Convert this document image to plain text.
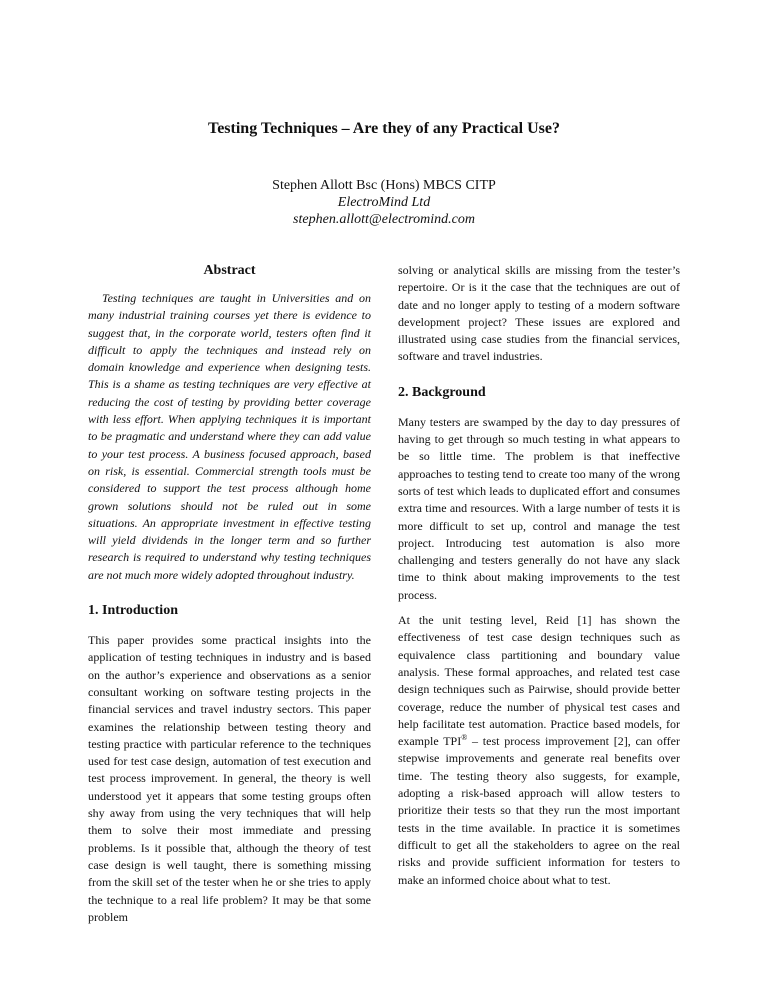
Testing Techniques – Are they of any Practical Use?
Stephen Allott Bsc (Hons) MBCS CITP
ElectroMind Ltd
stephen.allott@electromind.com
Abstract

Testing techniques are taught in Universities and on many industrial training courses yet there is evidence to suggest that, in the corporate world, testers often find it difficult to apply the techniques and instead rely on domain knowledge and experience when designing tests. This is a shame as testing techniques are very effective at reducing the cost of testing by providing better coverage with less effort. When applying techniques it is important to be pragmatic and understand where they can add value to your test process. A business focused approach, based on risk, is essential. Commercial strength tools must be considered to support the test process although home grown solutions should not be ruled out in some situations. An appropriate investment in effective testing will yield dividends in the longer term and so further research is required to understand why testing techniques are not much more widely adopted throughout industry.

1. Introduction

This paper provides some practical insights into the application of testing techniques in industry and is based on the author’s experience and observations as a senior consultant working on software testing projects in the financial services and travel industry sectors. This paper examines the relationship between testing theory and testing practice with particular reference to the techniques used for test case design, automation of test execution and test process improvement. In general, the theory is well understood yet it appears that some testing groups often shy away from using the very techniques that will help them to solve their most immediate and pressing problems. Is it possible that, although the theory of test case design is well taught, there is something missing from the skill set of the tester when he or she tries to apply the technique to a real life problem? It may be that some problem

solving or analytical skills are missing from the tester’s repertoire. Or is it the case that the techniques are out of date and no longer apply to testing of a modern software development project? These issues are explored and illustrated using case studies from the financial services, software and travel industries.

2. Background

Many testers are swamped by the day to day pressures of having to get through so much testing in what appears to be so little time. The problem is that ineffective approaches to testing tend to create too many of the wrong sorts of test which leads to duplicated effort and consumes extra time and resources. With a large number of tests it is more difficult to set up, control and manage the test project. Introducing test automation is also more challenging and testers generally do not have any slack time to think about making improvements to the test process.

At the unit testing level, Reid [1] has shown the effectiveness of test case design techniques such as equivalence class partitioning and boundary value analysis. These formal approaches, and related test case design techniques such as Pairwise, should provide better coverage, reduce the number of physical test cases and help facilitate test automation. Practice based models, for example TPI® – test process improvement [2], can offer stepwise improvements and generate real benefits over time. The testing theory also suggests, for example, adopting a risk-based approach will allow testers to prioritize their tests so that they run the most important tests in the time available. In practice it is sometimes difficult to get all the stakeholders to agree on the real risks and provide sufficient information for testers to make an informed choice about what to test.
